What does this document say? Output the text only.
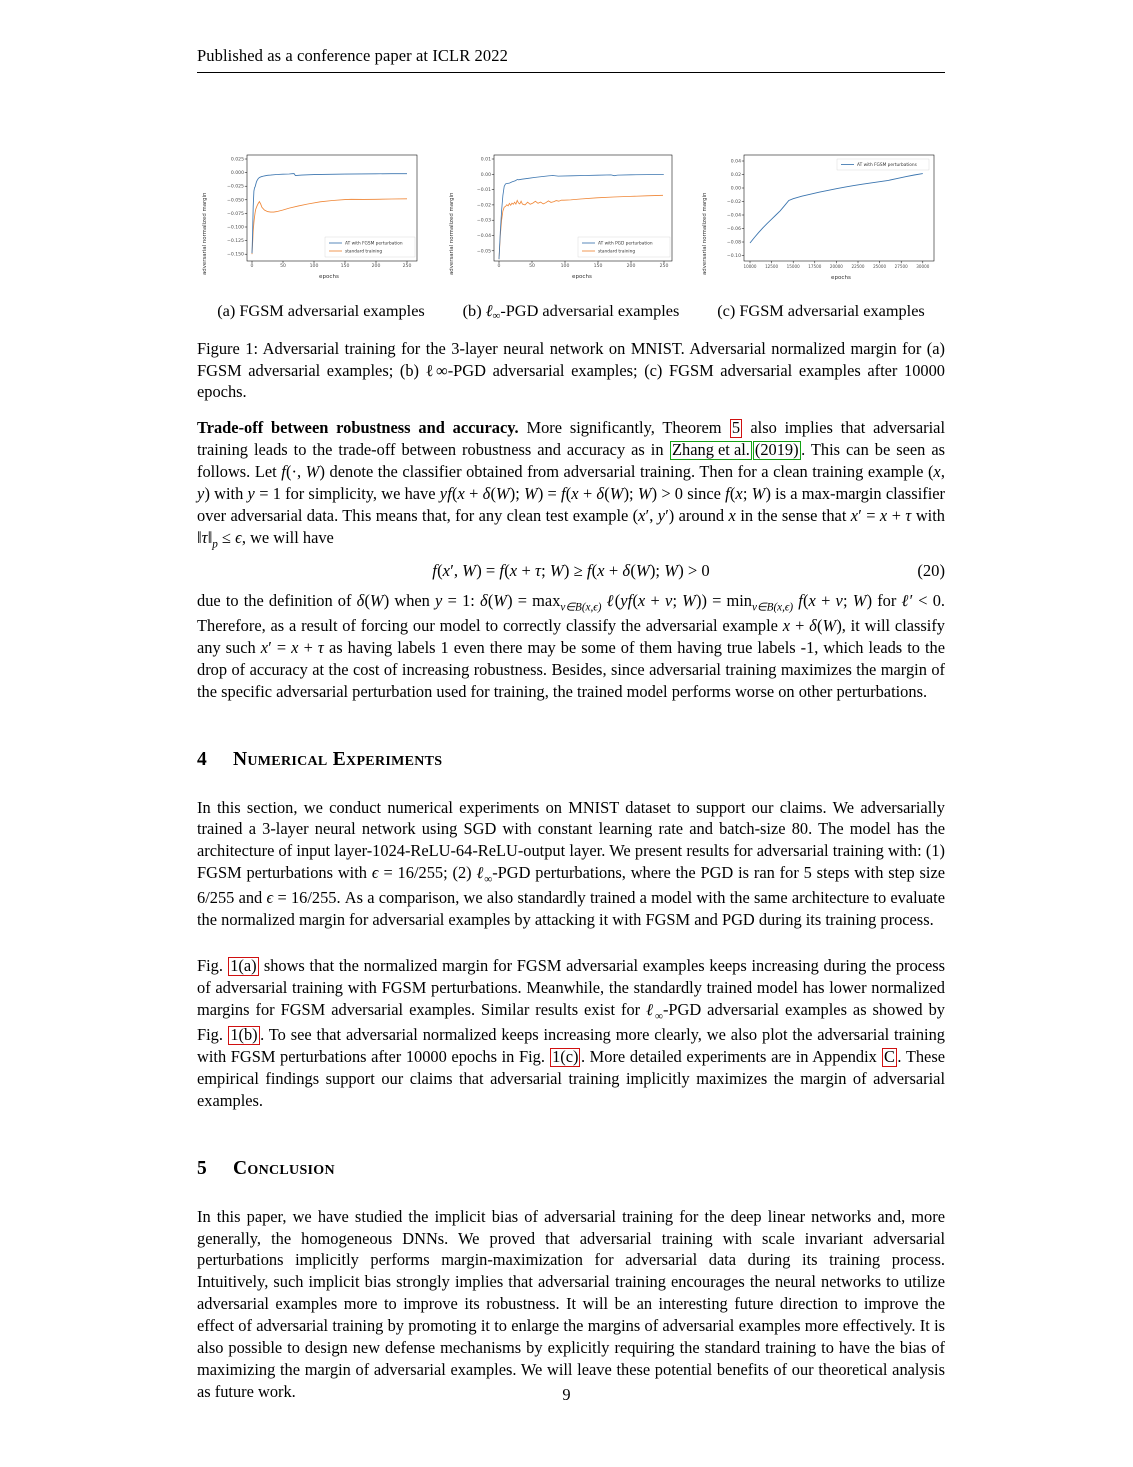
Published as a conference paper at ICLR 2022
adversarial normalized margin
0.025
0.000
−0.025
−0.050
−0.075
−0.100
−0.125
−0.150
0	50	100	150	200	250
epochs
AT with FGSM perturbation
standard training	adversarial normalized margin
0.01
0.00
−0.01
−0.02
−0.03
−0.04
−0.05
0	50	100	150	200	250
epochs
AT with PGD perturbation
standard training	adversarial normalized margin
0.04
0.02
0.00
−0.02
−0.04
−0.06
−0.08
−0.10
10000 12500 15000 17500 20000 22500 25000 27500 30000
epochs
AT with FGSM perturbations
(a) FGSM adversarial examples	(b) ℓ$_\infty$-PGD adversarial examples	(c) FGSM adversarial examples
Figure 1: Adversarial training for the 3-layer neural network on MNIST. Adversarial normalized margin for (a) FGSM adversarial examples; (b) ℓ∞-PGD adversarial examples; (c) FGSM adversarial examples after 10000 epochs.

Trade-off between robustness and accuracy. More significantly, Theorem 5 also implies that adversarial training leads to the trade-off between robustness and accuracy as in Zhang et al. (2019) . This can be seen as follows. Let f(·, W) denote the classifier obtained from adversarial training. Then for a clean training example (x, y) with y = 1 for simplicity, we have yf(x + δ(W); W) = f(x + δ(W); W) > 0 since f(x; W) is a max-margin classifier over adversarial data. This means that, for any clean test example (x′, y′) around x in the sense that x′ = x + τ with $‖\tau‖_p \le \epsilon$, we will have

f(x′, W) = f(x + τ; W) ≥ f(x + δ(W); W) > 0	(20)

due to the definition of δ(W) when y = 1: $\delta(W) = \max_{v\in B(x,\epsilon)}$ ℓ(yf(x + v; $W)) = \min_{v\in B(x,\epsilon)} f(x + v$; W) for ℓ′ < 0. Therefore, as a result of forcing our model to correctly classify the adversarial example x + δ(W), it will classify any such x′ = x + τ as having labels 1 even there may be some of them having true labels -1, which leads to the drop of accuracy at the cost of increasing robustness. Besides, since adversarial training maximizes the margin of the specific adversarial perturbation used for training, the trained model performs worse on other perturbations.

4 Numerical Experiments

In this section, we conduct numerical experiments on MNIST dataset to support our claims. We adversarially trained a 3-layer neural network using SGD with constant learning rate and batch-size 80. The model has the architecture of input layer-1024-ReLU-64-ReLU-output layer. We present results for adversarial training with: (1) FGSM perturbations with ϵ = 16/255; (2) ℓ$_\infty$-PGD perturbations, where the PGD is ran for 5 steps with step size 6/255 and ϵ = 16/255. As a comparison, we also standardly trained a model with the same architecture to evaluate the normalized margin for adversarial examples by attacking it with FGSM and PGD during its training process.

Fig. 1(a) shows that the normalized margin for FGSM adversarial examples keeps increasing during the process of adversarial training with FGSM perturbations. Meanwhile, the standardly trained model has lower normalized margins for FGSM adversarial examples. Similar results exist for ℓ$_\infty$-PGD adversarial examples as showed by Fig. 1(b) . To see that adversarial normalized keeps increasing more clearly, we also plot the adversarial training with FGSM perturbations after 10000 epochs in Fig. 1(c) . More detailed experiments are in Appendix C . These empirical findings support our claims that adversarial training implicitly maximizes the margin of adversarial examples.

5 Conclusion

In this paper, we have studied the implicit bias of adversarial training for the deep linear networks and, more generally, the homogeneous DNNs. We proved that adversarial training with scale invariant adversarial perturbations implicitly performs margin-maximization for adversarial data during its training process. Intuitively, such implicit bias strongly implies that adversarial training encourages the neural networks to utilize adversarial examples more to improve its robustness. It will be an interesting future direction to improve the effect of adversarial training by promoting it to enlarge the margins of adversarial examples more effectively. It is also possible to design new defense mechanisms by explicitly requiring the standard training to have the bias of maximizing the margin of adversarial examples. We will leave these potential benefits of our theoretical analysis as future work.	9
